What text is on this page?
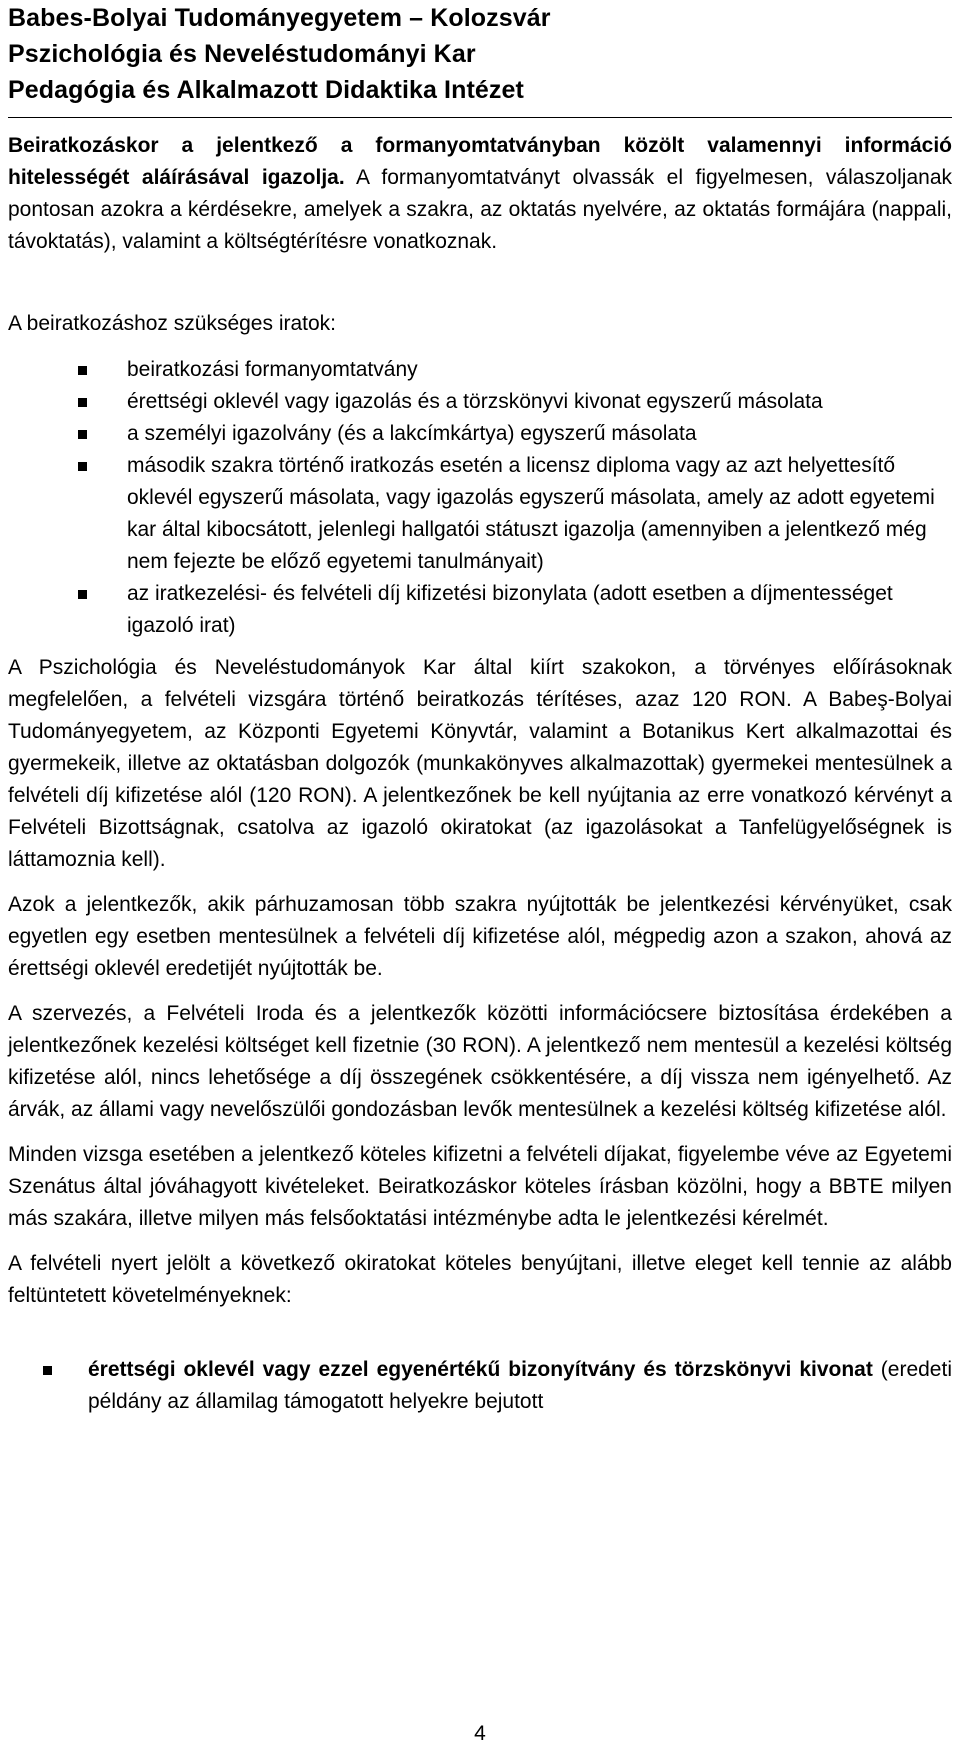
Babes-Bolyai Tudományegyetem – Kolozsvár

Pszichológia és Neveléstudományi Kar

Pedagógia és Alkalmazott Didaktika Intézet

Beiratkozáskor a jelentkező a formanyomtatványban közölt valamennyi információ hitelességét aláírásával igazolja. A formanyomtatványt olvassák el figyelmesen, válaszoljanak pontosan azokra a kérdésekre, amelyek a szakra, az oktatás nyelvére, az oktatás formájára (nappali, távoktatás), valamint a költségtérítésre vonatkoznak.

A beiratkozáshoz szükséges iratok:

beiratkozási formanyomtatvány
érettségi oklevél vagy igazolás és a törzskönyvi kivonat egyszerű másolata
a személyi igazolvány (és a lakcímkártya) egyszerű másolata
második szakra történő iratkozás esetén a licensz diploma vagy az azt helyettesítő oklevél egyszerű másolata, vagy igazolás egyszerű másolata, amely az adott egyetemi kar által kibocsátott, jelenlegi hallgatói státuszt igazolja (amennyiben a jelentkező még nem fejezte be előző egyetemi tanulmányait)
az iratkezelési- és felvételi díj kifizetési bizonylata (adott esetben a díjmentességet igazoló irat)

A Pszichológia és Neveléstudományok Kar által kiírt szakokon, a törvényes előírásoknak megfelelően, a felvételi vizsgára történő beiratkozás térítéses, azaz 120 RON. A Babeş-Bolyai Tudományegyetem, az Központi Egyetemi Könyvtár, valamint a Botanikus Kert alkalmazottai és gyermekeik, illetve az oktatásban dolgozók (munkakönyves alkalmazottak) gyermekei mentesülnek a felvételi díj kifizetése alól (120 RON). A jelentkezőnek be kell nyújtania az erre vonatkozó kérvényt a Felvételi Bizottságnak, csatolva az igazoló okiratokat (az igazolásokat a Tanfelügyelőségnek is láttamoznia kell).

Azok a jelentkezők, akik párhuzamosan több szakra nyújtották be jelentkezési kérvényüket, csak egyetlen egy esetben mentesülnek a felvételi díj kifizetése alól, mégpedig azon a szakon, ahová az érettségi oklevél eredetijét nyújtották be.

A szervezés, a Felvételi Iroda és a jelentkezők közötti információcsere biztosítása érdekében a jelentkezőnek kezelési költséget kell fizetnie (30 RON). A jelentkező nem mentesül a kezelési költség kifizetése alól, nincs lehetősége a díj összegének csökkentésére, a díj vissza nem igényelhető. Az árvák, az állami vagy nevelőszülői gondozásban levők mentesülnek a kezelési költség kifizetése alól.

Minden vizsga esetében a jelentkező köteles kifizetni a felvételi díjakat, figyelembe véve az Egyetemi Szenátus által jóváhagyott kivételeket. Beiratkozáskor köteles írásban közölni, hogy a BBTE milyen más szakára, illetve milyen más felsőoktatási intézménybe adta le jelentkezési kérelmét.

A felvételi nyert jelölt a következő okiratokat köteles benyújtani, illetve eleget kell tennie az alább feltüntetett követelményeknek:

érettségi oklevél vagy ezzel egyenértékű bizonyítvány és törzskönyvi kivonat (eredeti példány az államilag támogatott helyekre bejutott
4
